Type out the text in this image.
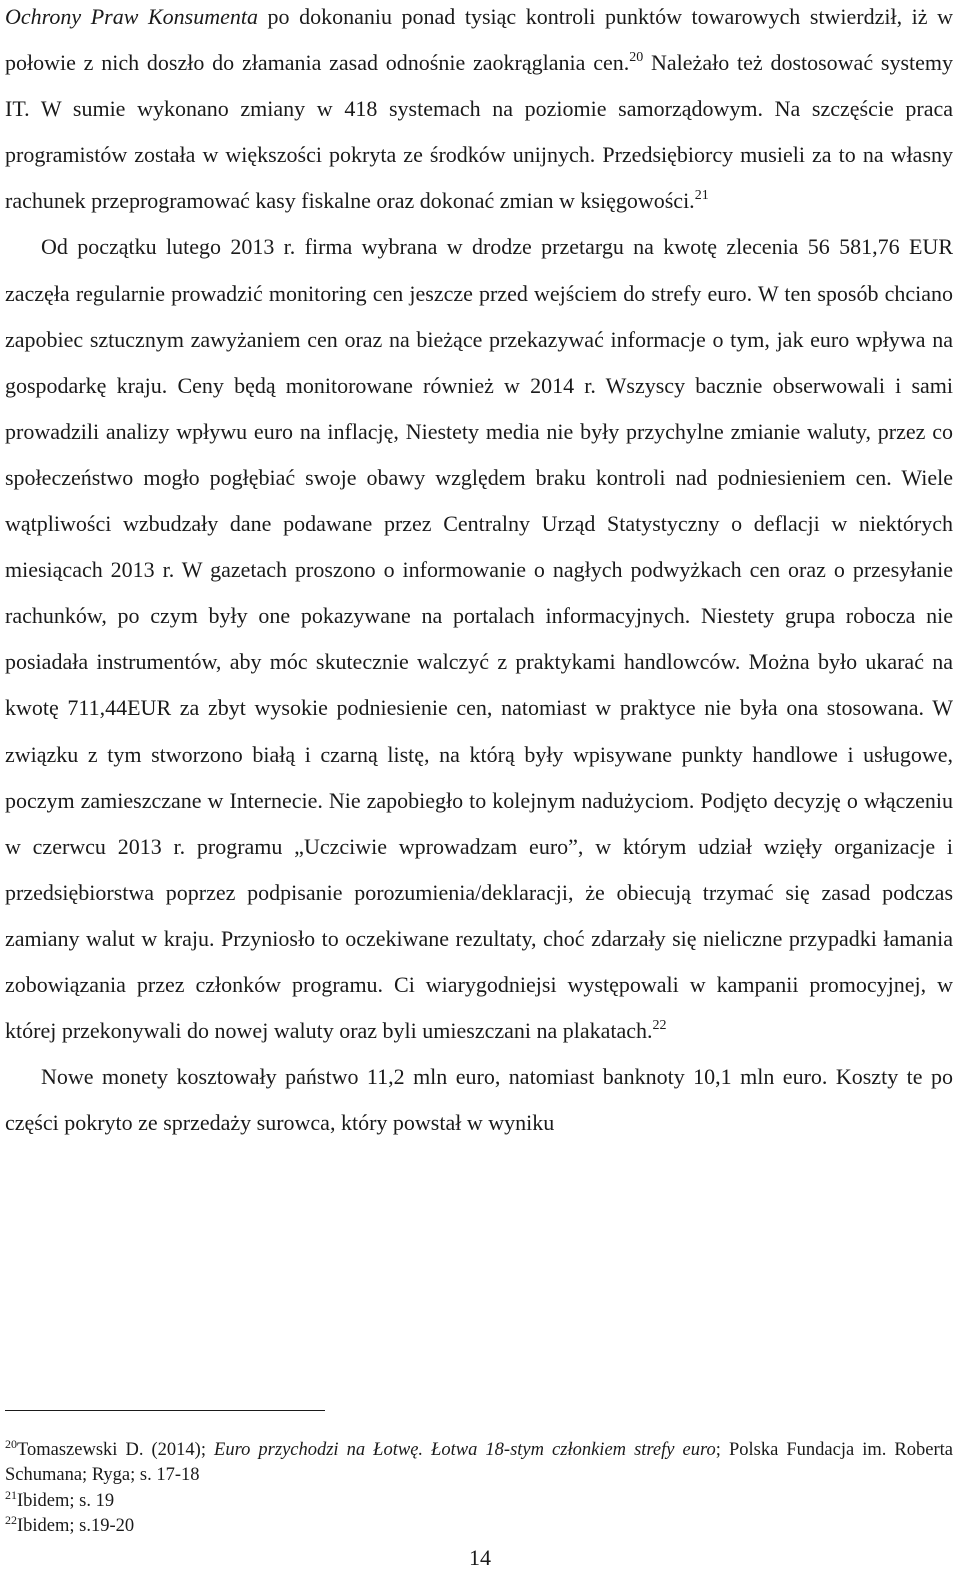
Ochrony Praw Konsumenta po dokonaniu ponad tysiąc kontroli punktów towarowych stwierdził, iż w połowie z nich doszło do złamania zasad odnośnie zaokrąglania cen.$^{20}$ Należało też dostosować systemy IT. W sumie wykonano zmiany w 418 systemach na poziomie samorządowym. Na szczęście praca programistów została w większości pokryta ze środków unijnych. Przedsiębiorcy musieli za to na własny rachunek przeprogramować kasy fiskalne oraz dokonać zmian w księgowości.$^{21}$

Od początku lutego 2013 r. firma wybrana w drodze przetargu na kwotę zlecenia 56 581,76 EUR zaczęła regularnie prowadzić monitoring cen jeszcze przed wejściem do strefy euro. W ten sposób chciano zapobiec sztucznym zawyżaniem cen oraz na bieżące przekazywać informacje o tym, jak euro wpływa na gospodarkę kraju. Ceny będą monitorowane również w 2014 r. Wszyscy bacznie obserwowali i sami prowadzili analizy wpływu euro na inflację, Niestety media nie były przychylne zmianie waluty, przez co społeczeństwo mogło pogłębiać swoje obawy względem braku kontroli nad podniesieniem cen. Wiele wątpliwości wzbudzały dane podawane przez Centralny Urząd Statystyczny o deflacji w niektórych miesiącach 2013 r. W gazetach proszono o informowanie o nagłych podwyżkach cen oraz o przesyłanie rachunków, po czym były one pokazywane na portalach informacyjnych. Niestety grupa robocza nie posiadała instrumentów, aby móc skutecznie walczyć z praktykami handlowców. Można było ukarać na kwotę 711,44EUR za zbyt wysokie podniesienie cen, natomiast w praktyce nie była ona stosowana. W związku z tym stworzono białą i czarną listę, na którą były wpisywane punkty handlowe i usługowe, poczym zamieszczane w Internecie. Nie zapobiegło to kolejnym nadużyciom. Podjęto decyzję o włączeniu w czerwcu 2013 r. programu „Uczciwie wprowadzam euro”, w którym udział wzięły organizacje i przedsiębiorstwa poprzez podpisanie porozumienia/deklaracji, że obiecują trzymać się zasad podczas zamiany walut w kraju. Przyniosło to oczekiwane rezultaty, choć zdarzały się nieliczne przypadki łamania zobowiązania przez członków programu. Ci wiarygodniejsi występowali w kampanii promocyjnej, w której przekonywali do nowej waluty oraz byli umieszczani na plakatach.$^{22}$

Nowe monety kosztowały państwo 11,2 mln euro, natomiast banknoty 10,1 mln euro. Koszty te po części pokryto ze sprzedaży surowca, który powstał w wyniku

$^{20}$Tomaszewski D. (2014); Euro przychodzi na Łotwę. Łotwa 18-stym członkiem strefy euro; Polska Fundacja im. Roberta Schumana; Ryga; s. 17-18

$^{21}$Ibidem; s. 19

$^{22}$Ibidem; s.19-20

14
